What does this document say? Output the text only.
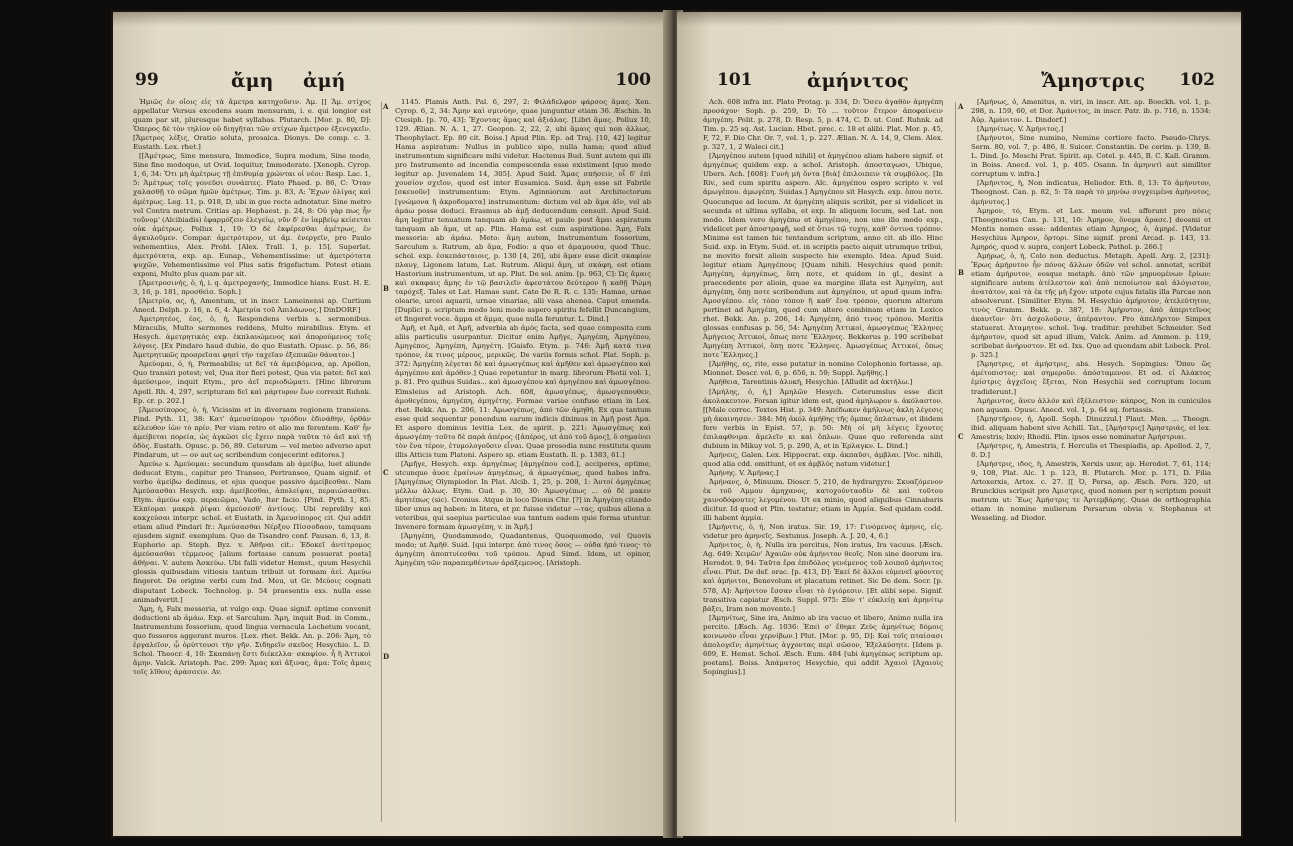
99	ἄμη ἀμή	100

Ἠμιῶς ἐν οἷοις εἰς τὰ ἄμετρα κατηχοῦσιν. Ἀμ. [[ Ἄμ. στίχος appellatur Versus excedens suam mensuram, i. e. qui longior est quam par sit, pluresque habet syllabas. Plutarch. [Mor. p. 80, D]: Ὅπερος δὲ τὸν τηλίον οὐ διηγῆται τῶν στίχων ἄμετρον ἐξενεγκεῖν. [Ἄμετρος λέξις, Oratio soluta, prosaica. Dionys. De comp. c. 3. Eustath. Lex. rhet.]

[[Ἀμέτρως, Sine mensura, Immodice, Supra modum, Sine modo, Sine fine modoque, ut Ovid. loquitur, Immoderate. [Xenoph. Cyrop. 1, 6, 34: Ὅτι μὴ ἀμέτρως τῇ ἐπιθυμίᾳ χρώνται οἱ νέοι: Resp. Lac. 1, 5: Ἀμέτρως τοῖς γονεῦσι συνάπτες. Plato Phaed. p. 86, C: Ὅταν χαλασθῇ τὸ σῶμα ἡμῶν ἀμέτρως. Tim. p. 83, A: Ἔχων ὀλίγας καὶ ἀμέτρως. Leg. 11, p. 918, D, ubi in gue recte adnotatur. Sine metro vel Contra metrum. Critias ap. Hephaest. p. 24, 8: Οὐ γὰρ πως ἦν τοὔνομ' (Alcibiadis) ἐφαρμόζειν ἐλεγείῳ, νῦν δ' ἐν ἰαμβείῳ κείσεται οὐκ ἀμέτρως. Pollux 1, 19: Ὁ δέ ἐκφέρεσθαι ἀμέτρως, ἐν ἀγκυλοῦμεν. Compar. ἀμετρότερον, ut ἀμ. ἐνεργεῖν, pro Paulo vehementius, Alex. Probl. [Alex. Trall. 1, p. 15]. Superlat. ἀμετρότατα, exp. ap. Eunap., Vehementissime: ut ἀμετρότατα ψυχῶν, Vehementissime vel Plus satis frigefactum. Potest etiam exponi, Multo plus quam par sit.

[Ἀμετροσινής, ὁ, ἡ, i. q. ἀμετροχανής, Immodice hians. Eust. H. E. 3, 16, p. 181, προσθεὶσ. Soph.]

[Ἀμετρία, ας, ἡ, Amentum, ut in inscr. Lameinensi ap. Curtium Anecd. Delph. p. 16, n. 6, 4: Ἀμετρία τοῦ Ἀπιλάωνος.] DinDORF.]

Ἀμετρητέος, έος, ὁ, ἡ, Respondens verbis s. sermonibus. Miraculis, Multo sermones reddens, Multo mirabilius. Etym. et Hesych. ἀμετρητικός exp. ἐκπλανώμενος καὶ ἀπορούμενος τοῖς λόγοις. [Ex Pindaro haud dubie, de quo Eustath. Opusc. p. 56, 86: Ἀμετρητικῶς προσρεῖσαι φησί τὴν ταχεῖαν ἐξεπικῶν θάνατον.]

Ἀμεύομαι, ὁ, ἡ, Permeabilis; ut δεῖ τὰ ἀμειβόμενα, ap. Apollon, Quo transiri potest; vel, Qua iter fieri potest, Qua via patet: δεῖ καὶ ἀμεύσιμον, inquit Etym., pro ἀεῖ περιοδώματι. [Hinc librorum Apoll. Rh. 4, 297, scripturam δεῖ καὶ μάρτυρον ἔων correxit Ruhnk. Ep. cr. p. 202.]

[Ἀμευσίπορος, ὁ, ἡ, Vicissim et in diversam regionem transiens. Pind. Pyth. 11, 38: Κατ' ἀμευσίπορον τριόδον ἐδινάθην, ὀρθὰν κέλευθον ἰὼν τὸ πρίν. Per viam retro et alio me ferentem. Καθ' ἦν ἀμείβεται πορεία, ὡς ἀγκῶσι εἰς ἔχειν παρὰ ταῦτα τὸ ἀεῖ καὶ τῇ ὁδὸς. Eustath. Opusc. p. 56, 89. Ceterum — vel meteo adverso aput Pindarum, ut — ον aut ως scribendum conjecerint editores.]

Ἀμεύω s. Ἀμεύομαι: secundum quosdam ab ἀμείβω, luet aliunde deducat Etym., capitur pro Transeo, Pertranseo, Quam signif. et verbo ἀμείβω dedimus, et ejus quoque passivo ἀμείβεσθαι. Nam Ἀμεύσασθαι Hesych. exp. ἀμείβεσθαι, ἀπολείψαι, περαιώσασθαι. Etym. ἀμεύω exp. περαιῶμαι, Vado, Iter facio. [Pind. Pyth. 1, 85: Ἐλπίομαι μακρὰ ῥίψαι ἀμεύσεσθ' ἀντίους. Ubi repreliby καὶ κακχεύσαι interpr. schol. et Eustath. in Ἀμευσίπορος cit. Qui addit etiam aliud Pindari fr.: Ἀμεύσασθαι Νέρξου Πίσσοδαον, tamquam ejusdem signif. exemplum. Quo de Tisandro conf. Pausan. 6, 13, 8. Euphorio ap. Steph. Byz. v. Ἀθῆναι cit.: Ἐδοκεῖ ἀντίτρομος ἀμεύσασθαι τέμμενος [alium fortasse canum posuerat poeta] ἀθήναι. V. autem Ἀσκεύω. Ubi falli videtur Hemst., quum Hesychii glossis quibusdam vitiosis tantum tribuit ut formam ἀεί. Αμεύω fingeret. De origine verbi cum Ind. Meu, ut Gr. Μεύοις cognati disputant Lobeck. Technolog. p. 54 praesentis exs. nulla esse animadvertit.]

Ἄμη, ἡ, Falx messoria, ut vulgo exp. Quae signif. optime convenit deductioni ab ἀμάω. Exp. et Sarculum. Ἄμη, inquit Bud. in Comm., Instrumentum fossorium, quod lingua vernacula Lochetum vocant, quo fossores aggerant muros. [Lex. rhet. Bekk. An. p. 206: Ἄμη, τὸ ἐργαλεῖον, ᾧ ὀρύττουσι τὴν γῆν. Σιδηρεῖν σκεῦος Hesychio. L. D. Schol. Theocr. 4, 10: Σκαπάνῃ ἔστι διέκελλα· σκαφίον. ἦ ἢ Ἀττικοὶ ἄμην. Valck. Aristoph. Pac. 299: Ἄμας καὶ ἄξινας, ἄμα: Τοῖς ἄμαις τοῖς λῖθοις ἀράσσειν. Av.

A
B
C
D

1145. Plamis Anth. Pal. 6, 297, 2: Φιλάδελφον φάρσος ἄμας. Xen. Cyrop. 6, 2, 34: Ἄμην καὶ σμινύην, quae junguntur etiam 36. Æschin. In Ctesiph. [p. 70, 43]: Ἔχοντας ἄμας καὶ ἀξιάλας. [Libri ἅμας. Pollux 10, 129. Ælian. N. A. 1, 27. Geopon. 2, 22, 2, ubi ἅμαις qui non ἀλλως. Theophylact. Ep. 80 cit. Boiss.] Apud Plin. Ep. ad Traj. [10, 42] legitur Hama aspiratum: Nullus in publico sipo, nulla hama; quod aliud instrumentum significare mihi videtur. Hactenus Bud. Sunt autem qui illi pro Instrumento ad incendia compescenda esse existiment [quo modo legitur ap. Juvenalem 14, 305]. Apud Suid. Ἄμας σπήσειν, οἷ δ' ἐπὶ χουσίον σχεῖον, quod est inter Eusamica. Suid. ἄμη esse sit Fabrile [σκευοῦν] instrumentum: Etym. Aginniorum aut Architectorum [γνώμονα ἢ ἀκροδοματα] instrumentum: dictum vel ab ἅμα ἀῖν, vel ab ἀμάω posse deduci. Erasmus ab ἀμῇ deducendum censuit. Apud Suid. ἄμη legitur tenuatum tanquam ab ἀμάω, et paulo post ἅμαι aspiratum tanquam ab ἅμα, ut ap. Plin. Hama est cum aspiratione. Ἄμη, Falx messoria: ab ἀμάω. Meto: ἅμη autem, Instrumentum fossorium, Sarculum s. Rutrum, ab ἄμα, Fodio: a quo et ἀμαμουσα, quod Thuc. schol. exp. ἐσκεπάσταιοις, p. 130 [4, 26], ubi ἄμαν esse dicit σκαφίον πλαυγ, Ligonem latum, Lat. Rutrum. Aliqui ἄμη, ut σκάφη, est etiam Hastorium instrumentum, ut ap. Plut. De sol. anim. [p. 963, C]: Ὡς ἄμαις καὶ σκαφαις ἄμης ἐν τῷ βασιλεῖν ἀφεστάτου δεύτερον ἢ καθῇ Ῥώμη ταρόχεξ. Tales et Lat. Hamae sunt. Cato De R. R. c. 135: Hamae, urnae olearie, urcei aquarii, urnae vinariae, alii vasa ahenea. Caput emenda. [Duplici p. scriptum modo leni modo aspero spiritu fefellit Duncangium, et fingeret voce. ἄμμα et ἄμμα, quae nulla feruntur. L. Dind.]

Ἀμῆ, et Ἀμᾶ, et Ἀμῆ, adverbia ab ἀμὸς facta, sed quae composita cum aliis particulis usurpantur. Dicitur enim Ἀμῆγε, Ἀμηγέπη, Ἀμηγέπου, Ἀμηγέπος, Ἀμηγέπη, Ἀμηγέτη. [Gaisfo. Etym. p. 746: Ἀμῆ κατά τινα τρόπον, ἐκ τινος μέρους, μερικῶς. De variis formis schol. Plat. Soph. p. 372: Ἀμηγέπη λέγεται δὲ καὶ ἀμωσγέπως καὶ ἀμῆθεν καὶ ἀμωσγέπου καὶ ἀμηγέπου καὶ ἀμόθεν.] Quae repetuntur in marg. librorum Photii vol. 1, p. 81. Pro quibus Suidas... καὶ ἀμωσγέπου καὶ ἀμηγέπου καὶ ἀμωσγέπου. Elmsleius ad Aristoph. Ach. 608, ἀμωσγέπως, ἀμωσγεπουθεν, ἀμοθεγέπου, ἀμηγέπη, ἀμηγέτης. Formae variae confuse etiam in Lex. rhet. Bekk. An. p. 206, 11: Ἀμωσγέπως, ἀπό τῶν ἀμηθή. Ex qua tantum esse quid sequentur ponendum earum indicis diximus in Ἀμῆ post Ἀμα. Et aspero dominus levitia Lex. de spirit. p. 221: Ἀμωσγέπως καὶ ἀμωσγέπη· τοῦτο δὲ παρὰ ἀπέρος ([ἀπέρος, ut ἀπὸ τοῦ ἅμος], ὅ σημαίνει τὸν ἕνα τέρον, ἐτυμολογοῦσιν εἶναι. Quae prosodia nunc restituta quum illis Atticis tum Platoni. Aspero sp. etiam Eustath. Il. p. 1383, 61.]

[Ἀμῆγε, Hesych. exp. ἀμηγέπως [ἀμηγέπου cod.], acciperes, optime, utcunque ἀυσε ἐμαίνων ἀμηγέπως, ἀ ἀμωσγέπως, quod habes infra. [Ἀμηγέπως Olympiodor. In Plat. Alcib. 1, 25, p. 208, 1: Ἀυτοί ἀμηγέπως μέλλω ἀλλως. Etym. Gud. p. 30, 30: Ἀμωσγέπως ... οὐ δὲ μακεν ἀμητέπως (sic). Cronius. Atque in loco Dionis Chr. [?] in Ἀμηγέπη citando liber unus aq haben: in litera, et pr. fuisse videtur —τας, quibus aliena a veteribus, qui saepius particulae sua tantum eadem quie forma utuntur. Invenere formam ἀμωσγέπη, v. in Ἄμῆ.]

[Ἀμηγέπη, Quodammodo, Quadantenus, Quoquomodo, vel Quovis modo; ut Ἀμῆθ. Suid. [qui interpr. ἀπὸ τινος ὅσος — οὐδα ἠπό τινος· τὸ ἀμηγέπη ἀποπτυίεσθαι τοῦ τρόπου. Apud Simd. Idem, ut opinor, Ἀμηγέπη τῶν παραπεμθέντων ἀράξεμενος. [Aristoph.

101	ἀμήνιτος	Ἄμηστρις 102

Ach. 608 infra int. Plato Protag. p. 334, D: Ὅσευ ἀγαθὸν ἀμηγέπη προσάχον· Soph. p. 259, D: Τὸ ... τοῦτον ἕτερον ἀποφαίνειν ἀμηγέπη. Polit. p. 278, D. Resp. 5, p. 474, C. D. ut. Conf. Ruhnk. ad Tim. p. 25 sq. Ast. Lucian. Hbet. prec. c. 18 et alibi. Plat. Mor. p. 45, F, 72, F. Dio Chr. Or. 7, vol. 1, p. 227. Ælian. N. A. 14, 9, Clem. Alex. p. 327, 1, 2 Waleci cit.]

[Ἀμηγέπου autem [quod nihili] et ἀμηγέπου aliam habere signif. et ἀμηγέπως quidem exp. a schol. Aristoph. ἀποσταγωσι, Ubique, Ubers. Ach. [608]: Γυνὴ μὴ ὄντα [διὰ] ἐπιλοιπειν τὰ συμβόλος. [In Riv., sed cum spiritu aspero. Alc. ἀμηγέπου ospro scripto v. vel ἀμωγέπου. ἀμωγέπη. Suidas.] Ἀμηγέπου sit Hesych. exp. ὅπου ποτε. Quocunque ad locum. At ἀμηγέπη aliquis scribit, per si videlicet in secunda et ultima syllaba, et exp. In aliquem locum, sed Lat. non modo. Idem vero ἀμηγέπω et ἀμηγέπου, non uno illo modo exp., videlicet per ἀποστραφῇ, sed et ὅτινι τῷ τυχηι, καθ' ὁντινα τρόπον. Minime est tamen hic tentandum scriptum, anno cit. ab illo. Hinc Suid. exp. in Etym. Suid. et. in scriptis pacto aiquit utrumque tribui, ne movito forsit alioin suspecto hie exemplo. Idea. Apud Suid. legitur etiam Ἀμηγέπους [Quam nihili. Hesychius quod ponit: Ἀμηγέπη, ἀμηγέπως, ὅπη ποτε, et quidem in gl., desint a praecedente per alioin, quae ea margine illata est Ἀμηγέπη, aut ἀμηγέπη, ὅπῃ ποτε scribendum aut ἀμηγέπου, ut apud quum infra: Ἀμοσγέπου. εἰς τόπο τόπον ἢ καθ' ἕνα τρόπον, quorum alterum pertinet ad Ἀμηγέπη, quod cum altero combinam etiam in Lexico rhet. Bekk. An. p. 206, 14: Ἀμηγέπη, ἀπό τινος τρόπου. Meritis glossas confusas p. 56, 54: Ἀμηγέπη Ἀττικοί, ἀμωσγέπως Ἕλληνες Ἀμήγειος Ἀττικοί, ὅπως ποτε Ἕλληνες. Bekkerus p. 190 scribebat Ἀμηγέπη Ἀττικοί, ὅπῃ ποτε Ἕλληνες. Ἀμωσγέπως Ἀττικοί, ὅπως ποτε Ἕλληνες.]

[Ἀμήθης, ες, rite, esse putatur in nomine Colophonio fortasse, ap. Mionnet. Descr. vol. 6, p. 656, n. 59; Suppl. Ἀμῆθης.]

Ἀμήθεια, Tarentinis ἀλυκὴ, Hesychio. [Alludit ad ἀκτήλω.]

[Ἀμήλης, ὁ, ἡ,] Ἀμηλῶν Hesych. Ceterumslus esse dicit ἀκολακευτον. Forsan igitur idem est, quod ἀμηλωρον s. ἀκόλαστον. [[Male correc. Textes Hist. p. 349: Ἀπέδωκεν ἀμήλνως ἀκλη λέγεσις μὴ ἀκαινησεν.· 384: Μὴ ἀκόλ ἀμήθης τῆς ὄμπας ὄπλατων, et ibidem fere verbis in Epist. 57, p. 50: Μὴ οἱ μὴ λέγεις ἔχουτες ἐπιλαφθνιμα. ἄμελεῖν κι καὶ ὄπλων. Quae quo referenda sint dubium in Mikuy vol. 5, p. 290, A, et in Ἐρλαγκν. L. Dind.]

Ἀμήνεις, Galen. Lex. Hippocrat. exp. ἀκπαῦσι, ἀμβλαι. [Voc. nihili, quod alia cdd. omittunt, et ex ἀμβλύς natum videtur.]

Ἀμήνης. V. Ἀμήνας.]

Ἀμήνανς, ὁ, Minuum. Dioscr. 5, 210, de hydrargyro: Σκυαζόμενον ἐκ τοῦ Αμμου ἀμηχανος, κατοχούνταοδίν δὲ καὶ τοῦτου χαινοδόφουτες λεγομένου. Ut ex minio, quod aliquibus Cinnabaris dicitur. Id quod et Plin. testatur; etiam in Ἀμμία. Sed quidam codd. illi habent ἀμμία.

[Ἀμήνιτις, ὁ, ἡ, Non iratus. Sir. 19, 17: Γινόμενος ἀμηνις, εἰς. videtur pro ἀμηνεῖς. Sextunus. Joseph. A. J. 20, 4, 6.]

Ἀμήνιτος, ὁ, ἡ, Nulla ira percitus, Non iratus, Ira vacuus. [Æsch. Ag. 649: Χειμῶν' Ἀχαιῶν οὐκ ἀμήνιτον θεοῖς. Non sine deorum ira. Herodot. 9, 94: Ταῦτα ἔρα ἐπιδόλος γενέμενος τοῦ λοιποῦ ἀμήνιτος εἶναι. Plut. De def. orac. [p. 413, D]: Ἐκεί δὲ ἄλλοι εὐμενεῖ φύοντες καὶ ἀμήνιτοι, Benevolum et placatum retinet. Sic De dem. Socr. [p. 578, A]: Ἀμήνιτον ἔσσαν εἶναι τὸ ἐγιόρεσιν. [Et alibi sepe. Signif. transitiva capiatur Æsch. Suppl. 975: Ξὺν τ' εὐκλείῃ καὶ ἀμηνίτῳ βάξει, Iram non movente.]

[Ἀμηνίτως, Sine ira, Animo ab ira vacuo et libero, Animo nulla ira percito. [Æsch. Ag. 1036: Ἐπεὶ σ' ἔθηκε Ζεὺς ἀμηνίτως δόμοις κοινωνὸν εἶναι χερνίβων.] Plut. [Mor. p. 95, D]: Καὶ τοῖς πταίσασι ἀπολογεῖν; ἀμηνίτως ἀγχοντας περὶ σῶσον, Ἐξελκύσητε. [Idem p. 609, E. Hemst. Schol. Æsch. Eum. 484 [ubi ἀμηγέπως scriptum ap. poetam]. Boiss. Ἀπάματος Hesychio, qui addit Ἀχαιοὶ [Ἀχαιοὶς Sopingius].]

A
B
C

[Ἀμήνως, ὁ, Amenitus, n. viri, in inscr. Att. ap. Boeckh. vol. 1, p. 298, n. 159, 60, et Dor. Ἀμάνιτος, in inscr. Patr. ib. p. 716, n. 1534: Ἀὐρ. Ἀμάνιτον. L. Dindorf.]

[Ἀμηνίτως. V. Ἀμήνιτος.]

[Ἀμήνυτοι, Sine numino, Nemine certiore facto. Pseudo-Chrys. Serm. 80, vol. 7, p. 486, 8. Suicer. Constantin. De cerim. p. 139, B. L. Dind. Jo. Moschi Prat. Spirit. ap. Cotel. p. 445, B. C. Kall. Gramm. in Boiss. Anecd. vol. 1, p. 405. Osann. In ἀμηνυτὶ aut simillter corruptum v. infra.]

[Ἀμήνιτος, ἡ, Non indicatus, Heliodor. Eth. 8, 13: Τὸ ἀμήνυτον, Theognost. Can. p. 82, 5: Τὰ παρὰ τὸ μηνύω συγχειμένα ἀμήνυτος, ἀμήνυτος.]

Ἀμηρον, τό, Etym. et Lex. meum vel. afferunt pro πόεις [Theognostus Can. p. 131, 10: Ἀμηρον, ὄνομα ἄρασε.] deosmi et Montis nomen esse: addentes etiam Ἀμηρος, ὁ, ἀμηρέ. [Videtur Hesychius Ἀμηρον, ὄρτορι. Sine signif. proni Arcad. p. 143, 13. Ἀμηρός, quod v. supra, conjert Lobeck. Pathol. p. 266.]

Ἀμήρως, ὁ, ἡ, Colo non deductus. Metaph. Apoll. Arg. 2, [231]: Ἔρως ἀμήρυτον ἦν πόνος ἄλλων ὁδῶν vel schol. annotat, scribit etiam ἀμήρυτον, eosque metaph. ἀπὸ τῶν μηρυομένων ἔρίων: significare autem ἀτέλεστον καὶ ἀπὸ πεποίωτον καὶ ἀλόγιστον, ἀνατάτον, καὶ τὰ ἐκ τῆς μὴ ἔχον: utpote cujus fatalis illa Parcae non absolverunt. [Similiter Etym. M. Hesychio ἀμήρυτον, ἀτελεύτητον, τινὸς Gramm. Bekk. p. 387, 18: Ἀμήρυτον, ἀπὸ ἀπεριτεῖνος ἀκαυτῖον· ὅτι ἀσχολοῦσιν, ἀπέραντον. Pro ἀπελήριτον Simpex statuerat. Ἀταμητον. schol. Ἰνφ. traditur. prehibet Schneider. Sed ἀμήρυτον, quod sit apud illum, Valck. Anim. ad Ammon. p. 119, scribebat ἀνήρυστον. Et ed. Ixs. Quo ad quondam abit Lobeck. Prol. p. 325.]

[Ἄμηστρις, et ἀμήστρις, abs. Hesych. Sopingius: Ὅπου ὥς ἀμέτοπιστος: καὶ σημεροῦν. ἀπόσταμενον. Et ed. εἰ Ἀλάκτος ἐμίστρις ἀγχεῖοις ἔξεται, Non Hesychii sed corruptum locum tradiderunt.]

Ἀμήριντος, ἄνευ ἀλλόν καὶ ἐξέλειστον: κάπρος, Non in cuniculos non aquam. Opusc. Anecd. vol. 1, p. 64 sq. fortassis.

[Ἀμηστήριον, ἡ, Apoll. Soph. Dinuzzul.] Plaut. Men. ... Theogn. ibid. aliquam habent sive Achill. Tat., [Ἀμήστρις] Ἀμηστριάς, et lex. Amestris; lxxiv; Rhodii. Plin. ipsos esse nominatur Ἀμήστριαι.

[Ἀμήστρις, ἡ, Amestris, f. Herculis et Thespiadis, ap. Apollod. 2, 7, 8. D.]

[Ἀμήστρις, ιδος, ἡ, Amestris, Xerxis uxor, ap. Herodot. 7, 61, 114; 9, 108, Plat. Alc. 1 p. 123, B. Plutarch. Mor. p. 171, D. Filia Artoxerxis, Artox. c. 27. [[ Ὁ, Persa, ap. Æsch. Pers. 320, ut Brunckius scripsit pro Ἀμιστρις, quod nomen per η scriptum posuit metrum ut: Ἕως Ἀμήστρις τε Ἀρτεμβάρης. Quae de orthographia etiam in nomine mulierum Persarum obvia v. Stephanus et Wesseling. ad Diodor.
